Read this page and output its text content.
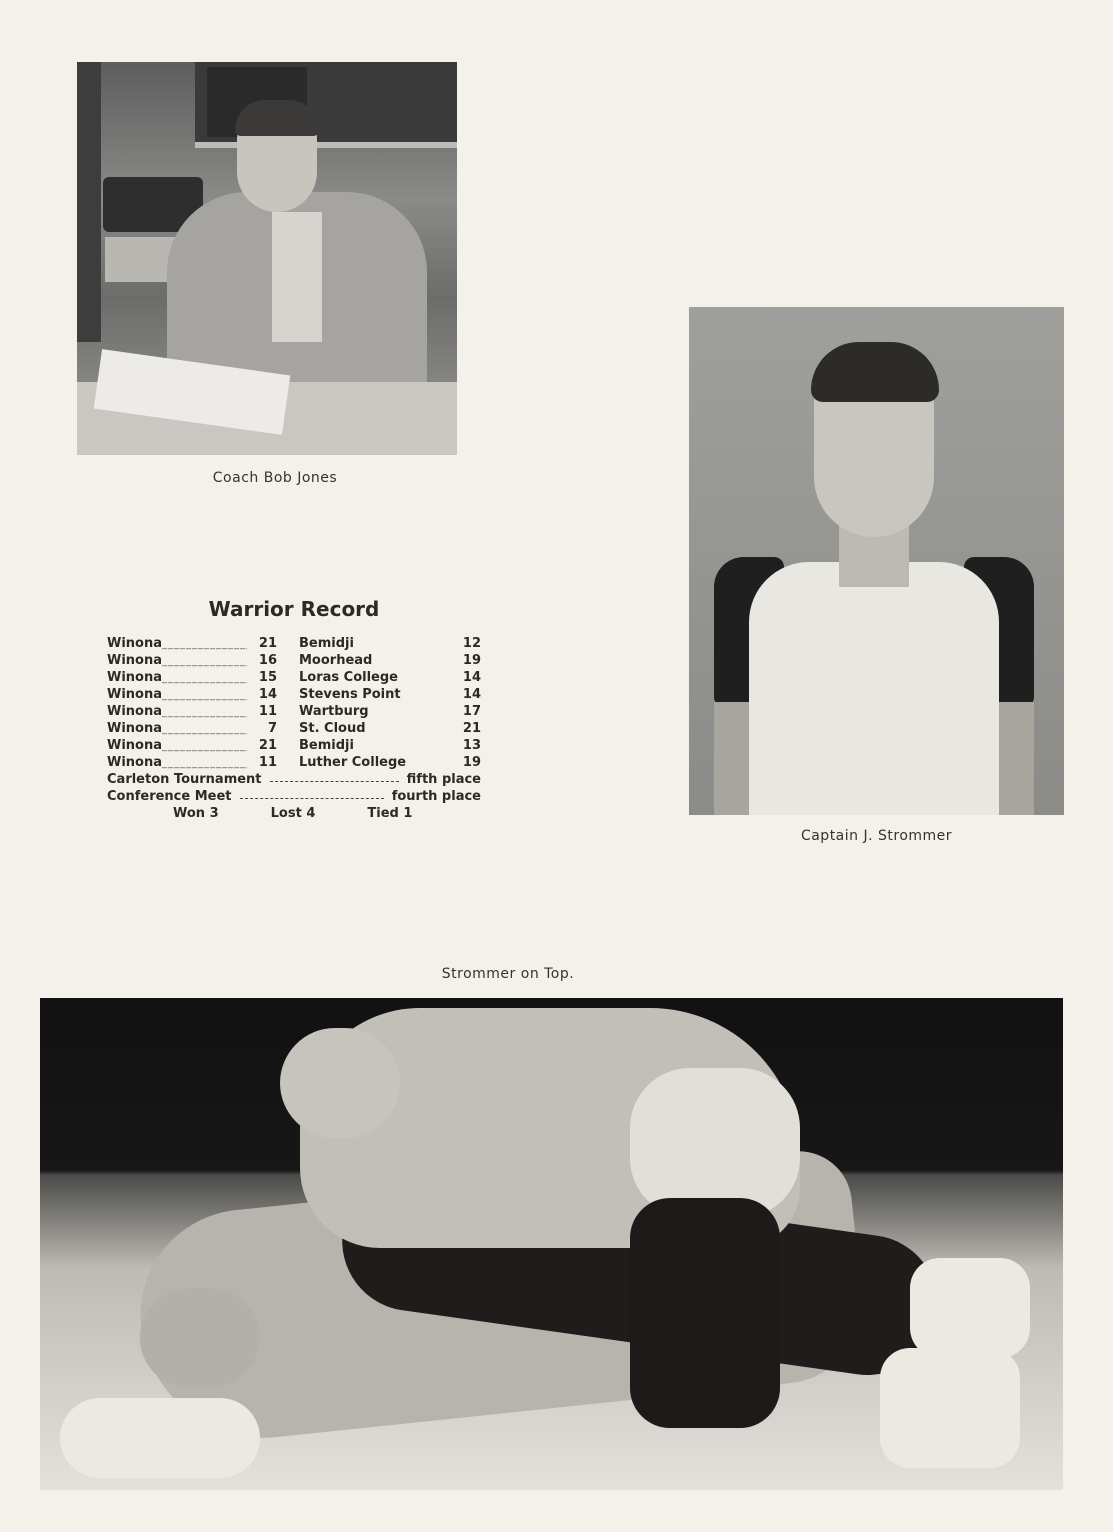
Coach Bob Jones
Captain J. Strommer
Warrior Record
Winona _____	21	Bemidji	12
Winona _____	16	Moorhead	19
Winona _____	15	Loras College	14
Winona _____	14	Stevens Point	14
Winona _____	11	Wartburg	17
Winona _____	7	St. Cloud	21
Winona _____	21	Bemidji	13
Winona _____	11	Luther College	19
Carleton Tournament	fifth place
Conference Meet	fourth place
Won 3	Lost 4	Tied 1
Strommer on Top.
